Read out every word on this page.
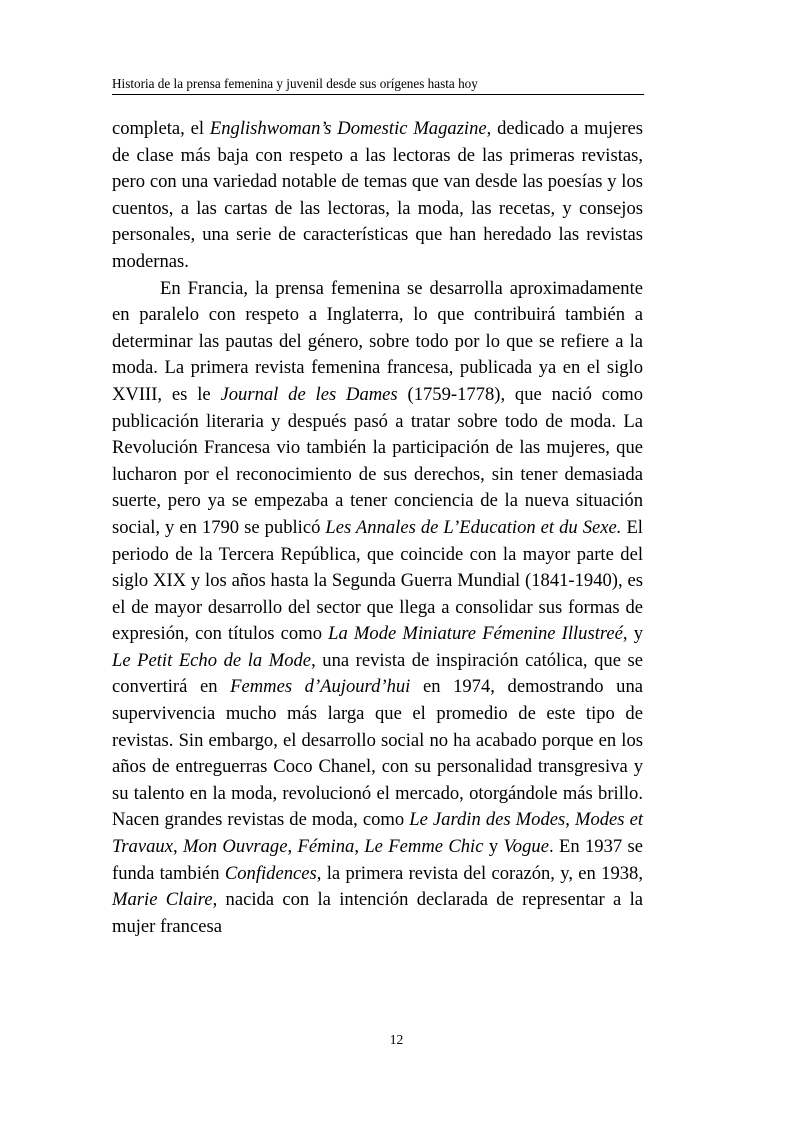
Historia de la prensa femenina y juvenil desde sus orígenes hasta hoy

completa, el Englishwoman’s Domestic Magazine, dedicado a mujeres de clase más baja con respeto a las lectoras de las primeras revistas, pero con una variedad notable de temas que van desde las poesías y los cuentos, a las cartas de las lectoras, la moda, las recetas, y consejos personales, una serie de características que han heredado las revistas modernas.

En Francia, la prensa femenina se desarrolla aproximadamente en paralelo con respeto a Inglaterra, lo que contribuirá también a determinar las pautas del género, sobre todo por lo que se refiere a la moda. La primera revista femenina francesa, publicada ya en el siglo XVIII, es le Journal de les Dames (1759-1778), que nació como publicación literaria y después pasó a tratar sobre todo de moda. La Revolución Francesa vio también la participación de las mujeres, que lucharon por el reconocimiento de sus derechos, sin tener demasiada suerte, pero ya se empezaba a tener conciencia de la nueva situación social, y en 1790 se publicó Les Annales de L’Education et du Sexe. El periodo de la Tercera República, que coincide con la mayor parte del siglo XIX y los años hasta la Segunda Guerra Mundial (1841-1940), es el de mayor desarrollo del sector que llega a consolidar sus formas de expresión, con títulos como La Mode Miniature Fémenine Illustreé, y Le Petit Echo de la Mode, una revista de inspiración católica, que se convertirá en Femmes d’Aujourd’hui en 1974, demostrando una supervivencia mucho más larga que el promedio de este tipo de revistas. Sin embargo, el desarrollo social no ha acabado porque en los años de entreguerras Coco Chanel, con su personalidad transgresiva y su talento en la moda, revolucionó el mercado, otorgándole más brillo. Nacen grandes revistas de moda, como Le Jardin des Modes, Modes et Travaux, Mon Ouvrage, Fémina, Le Femme Chic y Vogue. En 1937 se funda también Confidences, la primera revista del corazón, y, en 1938, Marie Claire, nacida con la intención declarada de representar a la mujer francesa

12
